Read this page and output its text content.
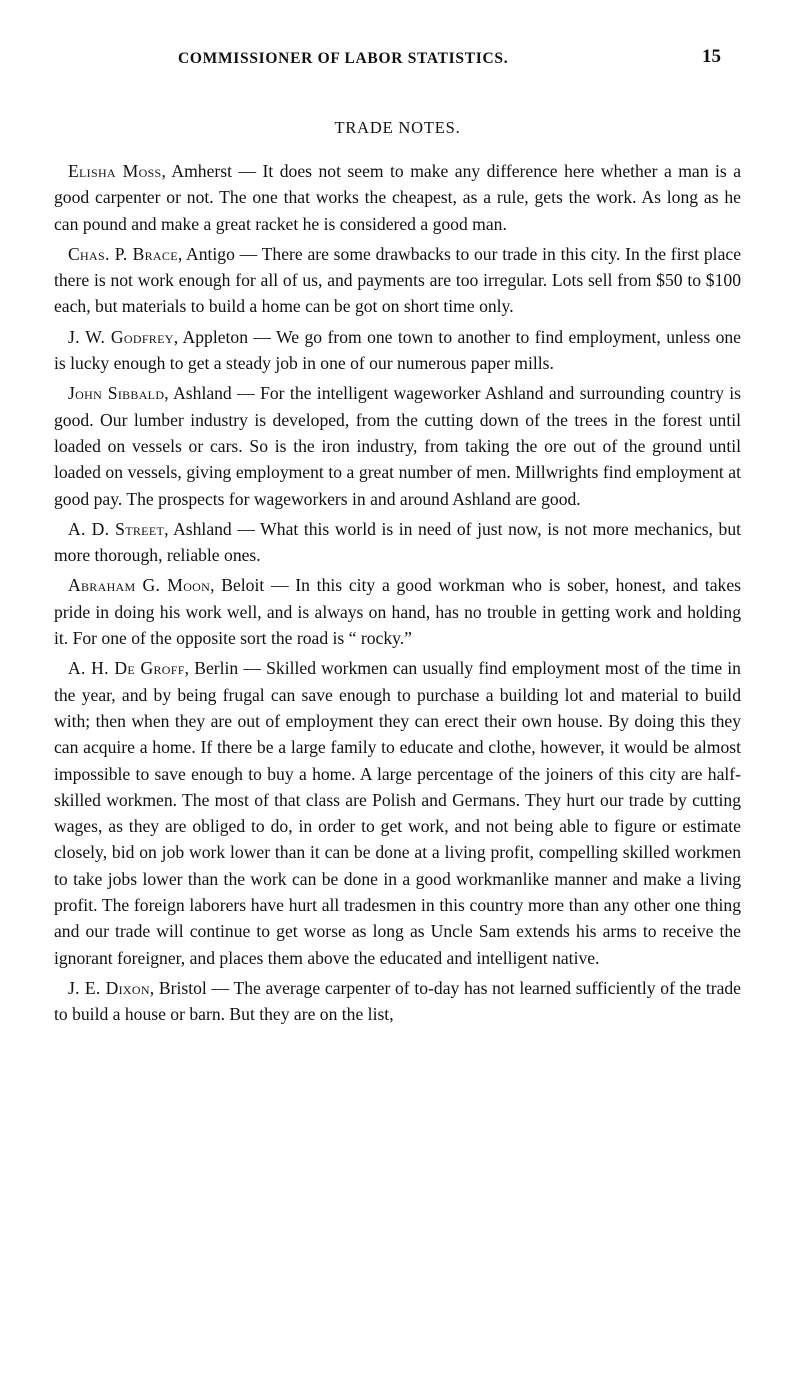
COMMISSIONER OF LABOR STATISTICS.	15
TRADE NOTES.

Elisha Moss, Amherst — It does not seem to make any difference here whether a man is a good carpenter or not. The one that works the cheapest, as a rule, gets the work. As long as he can pound and make a great racket he is considered a good man.

Chas. P. Brace, Antigo — There are some drawbacks to our trade in this city. In the first place there is not work enough for all of us, and payments are too irregular. Lots sell from $50 to $100 each, but materials to build a home can be got on short time only.

J. W. Godfrey, Appleton — We go from one town to another to find employment, unless one is lucky enough to get a steady job in one of our numerous paper mills.

John Sibbald, Ashland — For the intelligent wageworker Ashland and surrounding country is good. Our lumber industry is developed, from the cutting down of the trees in the forest until loaded on vessels or cars. So is the iron industry, from taking the ore out of the ground until loaded on vessels, giving employment to a great number of men. Millwrights find employment at good pay. The prospects for wageworkers in and around Ashland are good.

A. D. Street, Ashland — What this world is in need of just now, is not more mechanics, but more thorough, reliable ones.

Abraham G. Moon, Beloit — In this city a good workman who is sober, honest, and takes pride in doing his work well, and is always on hand, has no trouble in getting work and holding it. For one of the opposite sort the road is “ rocky.”

A. H. De Groff, Berlin — Skilled workmen can usually find employment most of the time in the year, and by being frugal can save enough to purchase a building lot and material to build with; then when they are out of employment they can erect their own house. By doing this they can acquire a home. If there be a large family to educate and clothe, however, it would be almost impossible to save enough to buy a home. A large percentage of the joiners of this city are half-skilled workmen. The most of that class are Polish and Germans. They hurt our trade by cutting wages, as they are obliged to do, in order to get work, and not being able to figure or estimate closely, bid on job work lower than it can be done at a living profit, compelling skilled workmen to take jobs lower than the work can be done in a good workmanlike manner and make a living profit. The foreign laborers have hurt all tradesmen in this country more than any other one thing and our trade will continue to get worse as long as Uncle Sam extends his arms to receive the ignorant foreigner, and places them above the educated and intelligent native.

J. E. Dixon, Bristol — The average carpenter of to-day has not learned sufficiently of the trade to build a house or barn. But they are on the list,
